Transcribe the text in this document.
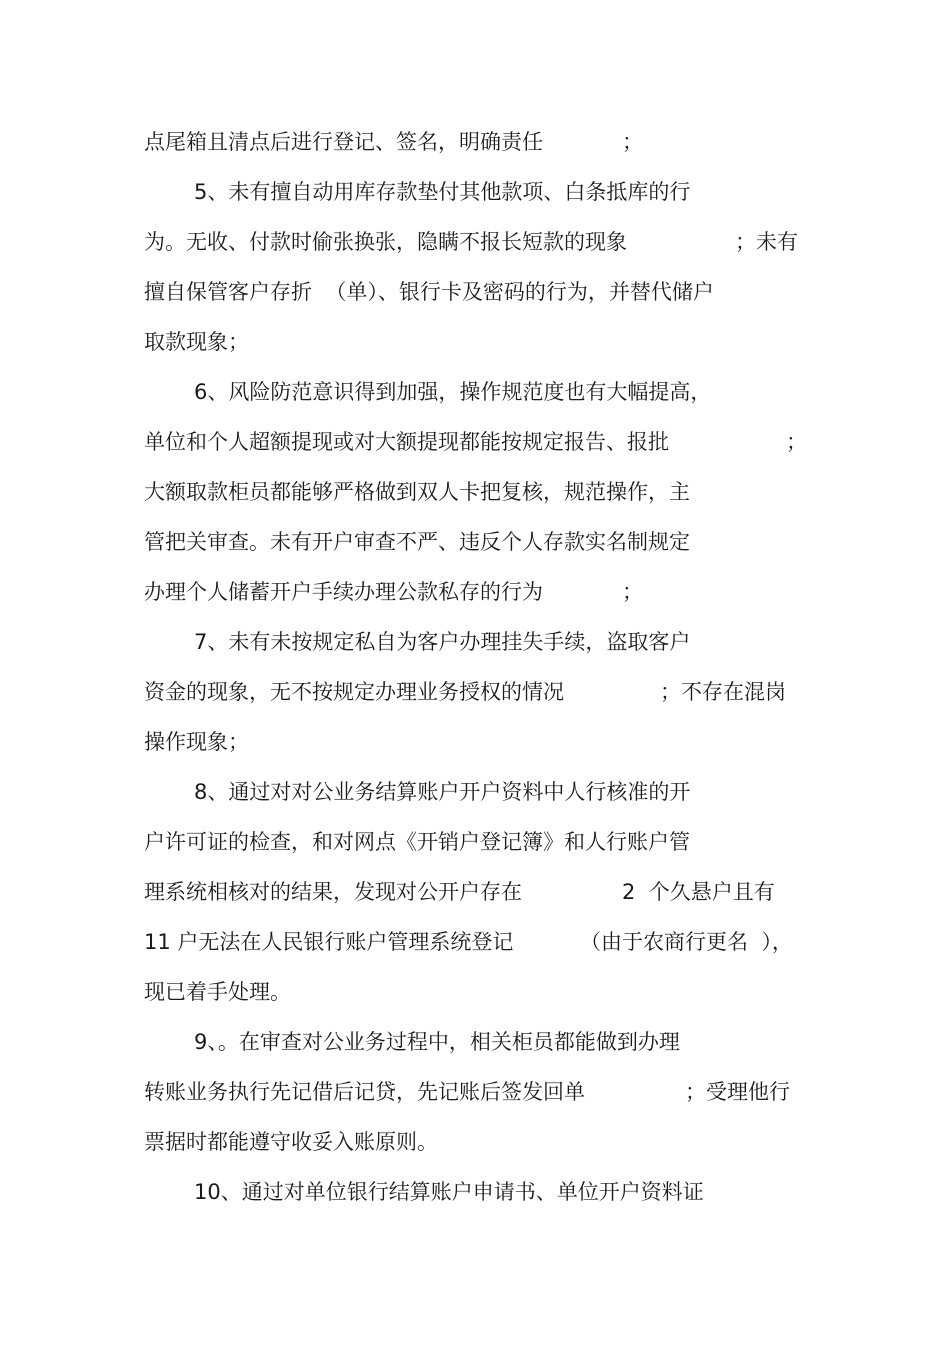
点尾箱且清点后进行登记、签名，明确责任	；
5、未有擅自动用库存款垫付其他款项、白条抵库的行
为。无收、付款时偷张换张，隐瞒不报长短款的现象	；未有
擅自保管客户存折  （单）、银行卡及密码的行为，并替代储户
取款现象；
6、风险防范意识得到加强，操作规范度也有大幅提高，
单位和个人超额提现或对大额提现都能按规定报告、报批	；
大额取款柜员都能够严格做到双人卡把复核，规范操作，主
管把关审查。未有开户审查不严、违反个人存款实名制规定
办理个人储蓄开户手续办理公款私存的行为	；
7、未有未按规定私自为客户办理挂失手续，盗取客户
资金的现象，无不按规定办理业务授权的情况	；不存在混岗
操作现象；
8、通过对对公业务结算账户开户资料中人行核准的开
户许可证的检查，和对网点《开销户登记簿》和人行账户管
理系统相核对的结果，发现对公开户存在	2  个久悬户且有
11 户无法在人民银行账户管理系统登记	（由于农商行更名  ），
现已着手处理。
9、。在审查对公业务过程中，相关柜员都能做到办理
转账业务执行先记借后记贷，先记账后签发回单	；受理他行
票据时都能遵守收妥入账原则。
10、通过对单位银行结算账户申请书、单位开户资料证
